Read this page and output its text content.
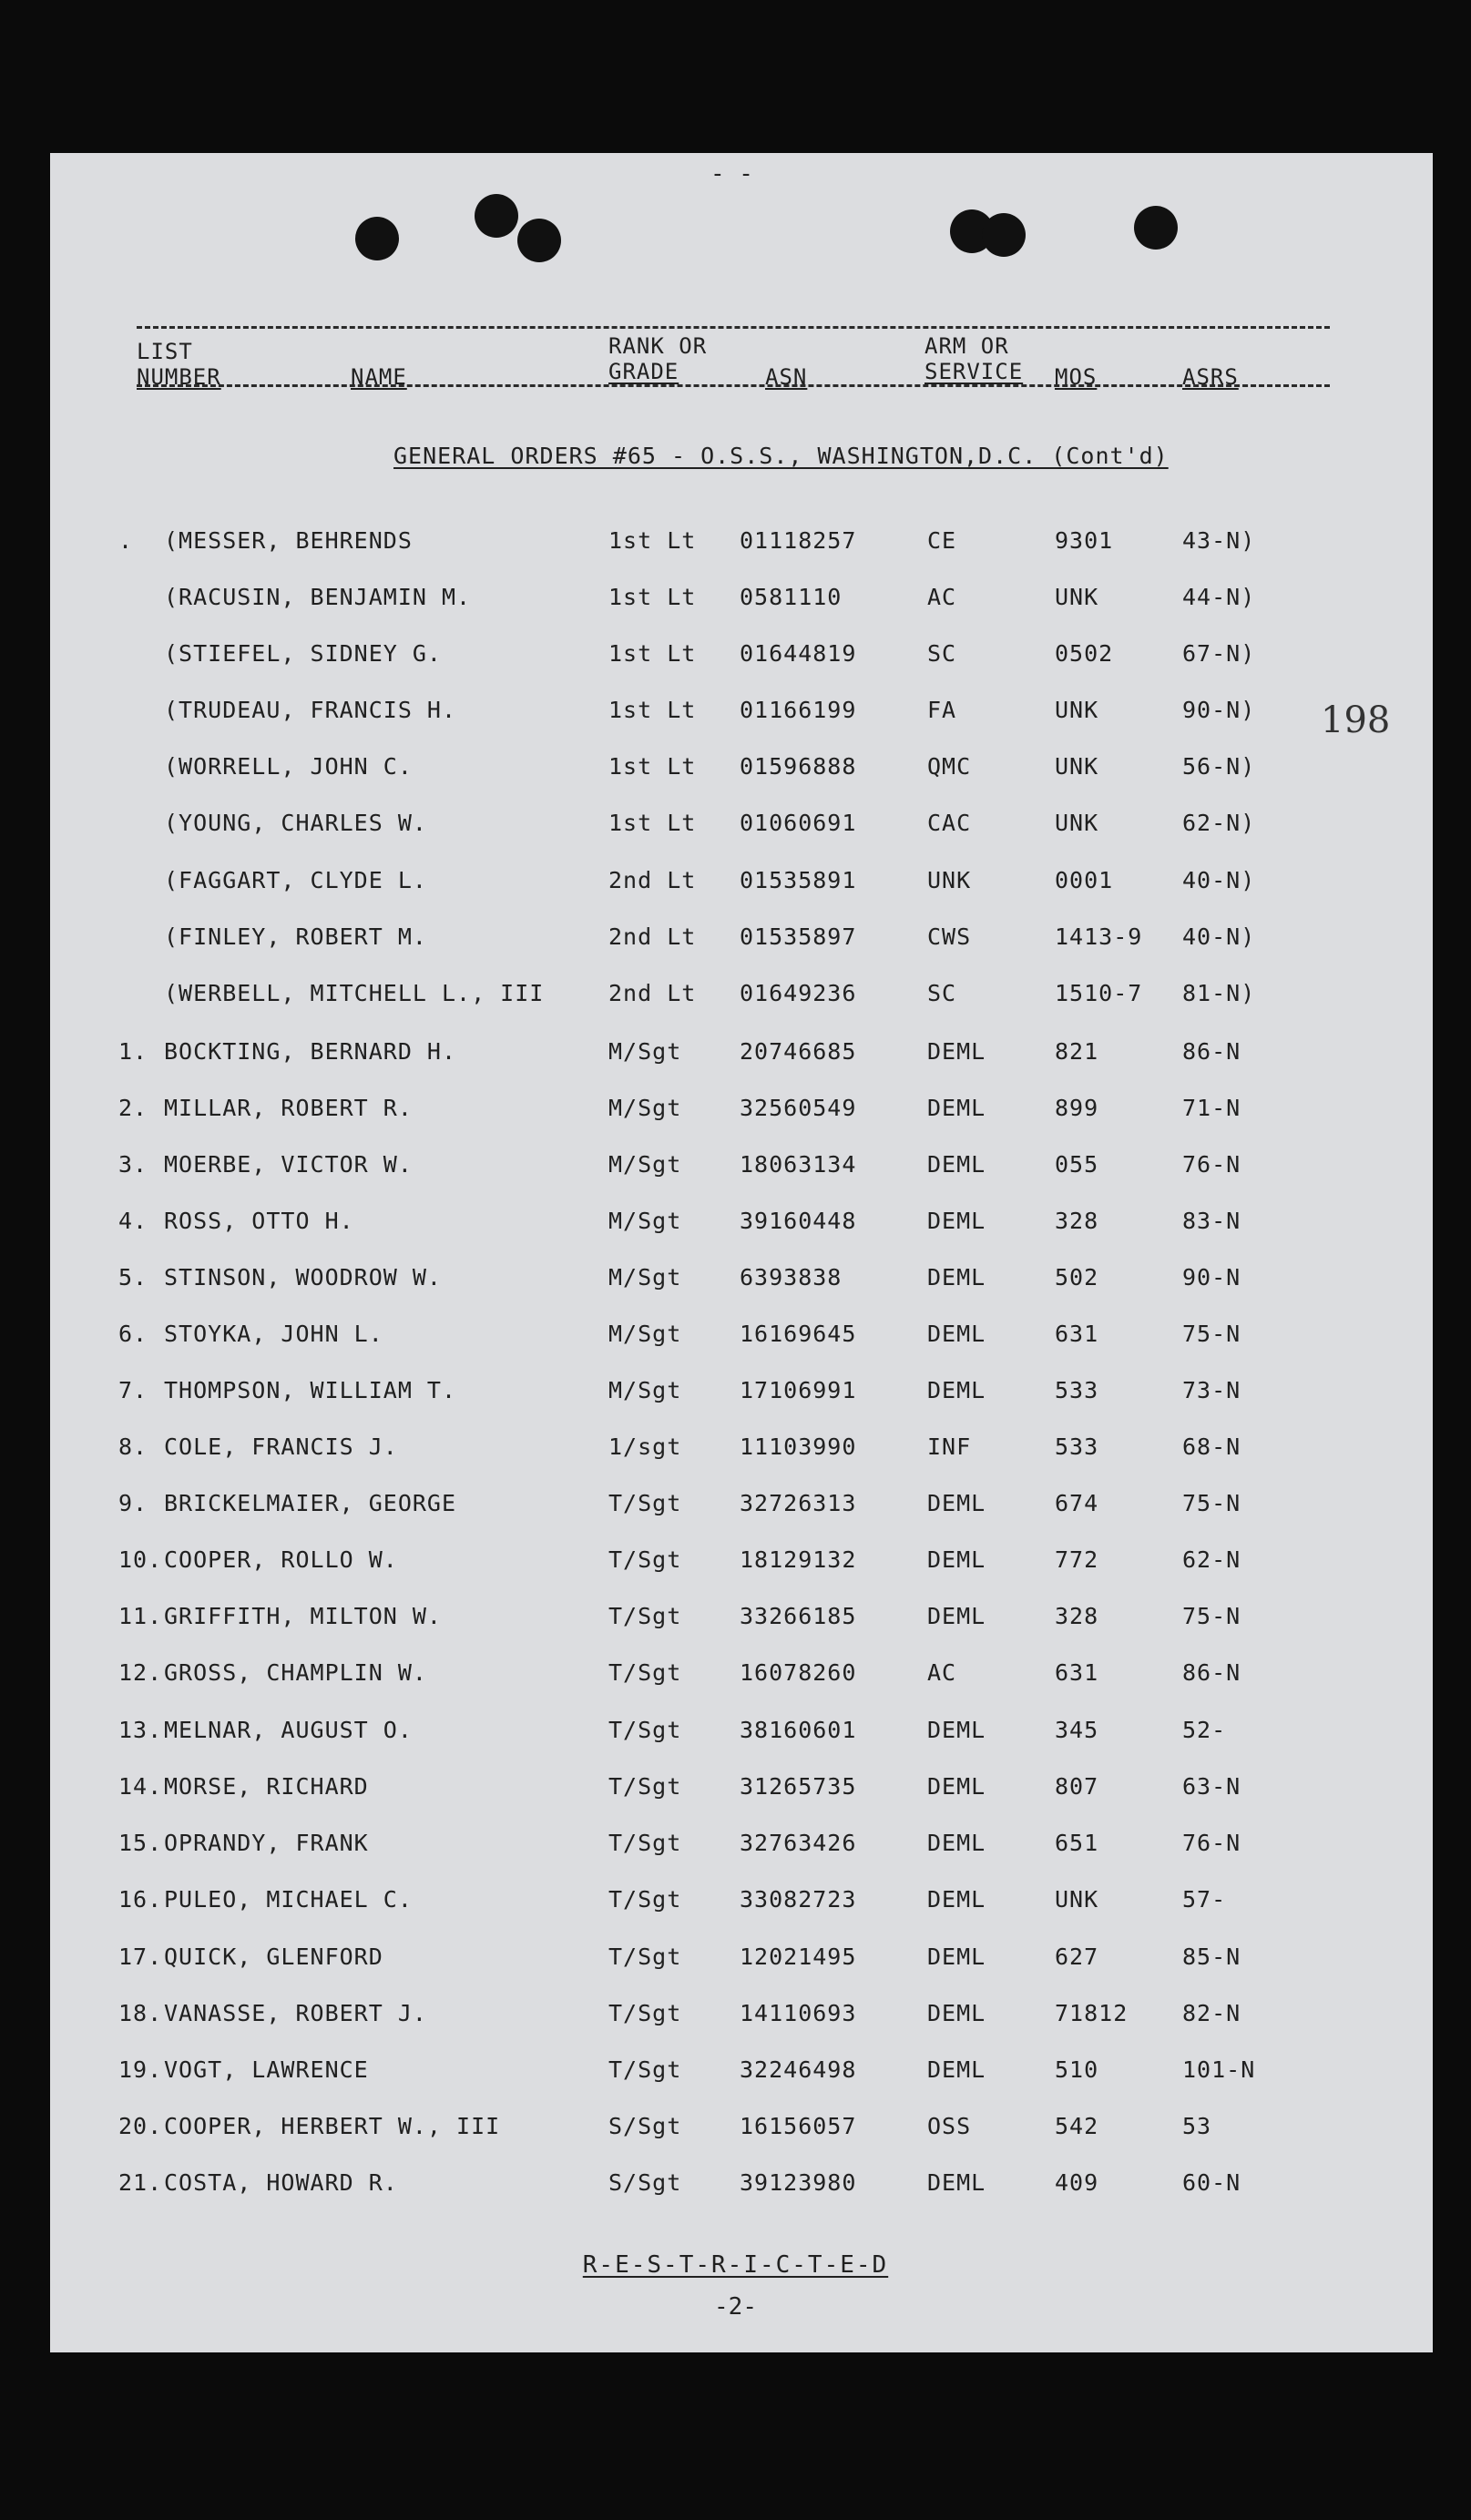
- -
LIST
NUMBER	NAME
RANK OR
GRADE	ASN
ARM OR
SERVICE MOS	ASRS
GENERAL ORDERS #65 - O.S.S., WASHINGTON,D.C. (Cont'd)
198
. (MESSER, BEHRENDS	1st Lt 01118257	CE	9301	43-N)
(RACUSIN, BENJAMIN M.	1st Lt 0581110	AC	UNK	44-N)
(STIEFEL, SIDNEY G.	1st Lt 01644819	SC	0502	67-N)
(TRUDEAU, FRANCIS H.	1st Lt 01166199	FA	UNK	90-N)
(WORRELL, JOHN C.	1st Lt 01596888	QMC	UNK	56-N)
(YOUNG, CHARLES W.	1st Lt 01060691	CAC	UNK	62-N)
(FAGGART, CLYDE L.	2nd Lt 01535891	UNK	0001	40-N)
(FINLEY, ROBERT M.	2nd Lt 01535897	CWS	1413-9 40-N)
(WERBELL, MITCHELL L., III	2nd Lt 01649236	SC	1510-7 81-N)
1. BOCKTING, BERNARD H.	M/Sgt	20746685	DEML	821	86-N
2. MILLAR, ROBERT R.	M/Sgt	32560549	DEML	899	71-N
3. MOERBE, VICTOR W.	M/Sgt	18063134	DEML	055	76-N
4. ROSS, OTTO H.	M/Sgt	39160448	DEML	328	83-N
5. STINSON, WOODROW W.	M/Sgt	6393838	DEML	502	90-N
6. STOYKA, JOHN L.	M/Sgt	16169645	DEML	631	75-N
7. THOMPSON, WILLIAM T.	M/Sgt	17106991	DEML	533	73-N
8. COLE, FRANCIS J.	1/sgt	11103990	INF	533	68-N
9. BRICKELMAIER, GEORGE	T/Sgt	32726313	DEML	674	75-N
10. COOPER, ROLLO W.	T/Sgt	18129132	DEML	772	62-N
11. GRIFFITH, MILTON W.	T/Sgt	33266185	DEML	328	75-N
12. GROSS, CHAMPLIN W.	T/Sgt	16078260	AC	631	86-N
13. MELNAR, AUGUST O.	T/Sgt	38160601	DEML	345	52-
14. MORSE, RICHARD	T/Sgt	31265735	DEML	807	63-N
15. OPRANDY, FRANK	T/Sgt	32763426	DEML	651	76-N
16. PULEO, MICHAEL C.	T/Sgt	33082723	DEML	UNK	57-
17. QUICK, GLENFORD	T/Sgt	12021495	DEML	627	85-N
18. VANASSE, ROBERT J.	T/Sgt	14110693	DEML	71812 82-N
19. VOGT, LAWRENCE	T/Sgt	32246498	DEML	510	101-N
20. COOPER, HERBERT W., III	S/Sgt	16156057	OSS	542	53
21. COSTA, HOWARD R.	S/Sgt	39123980	DEML	409	60-N
R-E-S-T-R-I-C-T-E-D
-2-
